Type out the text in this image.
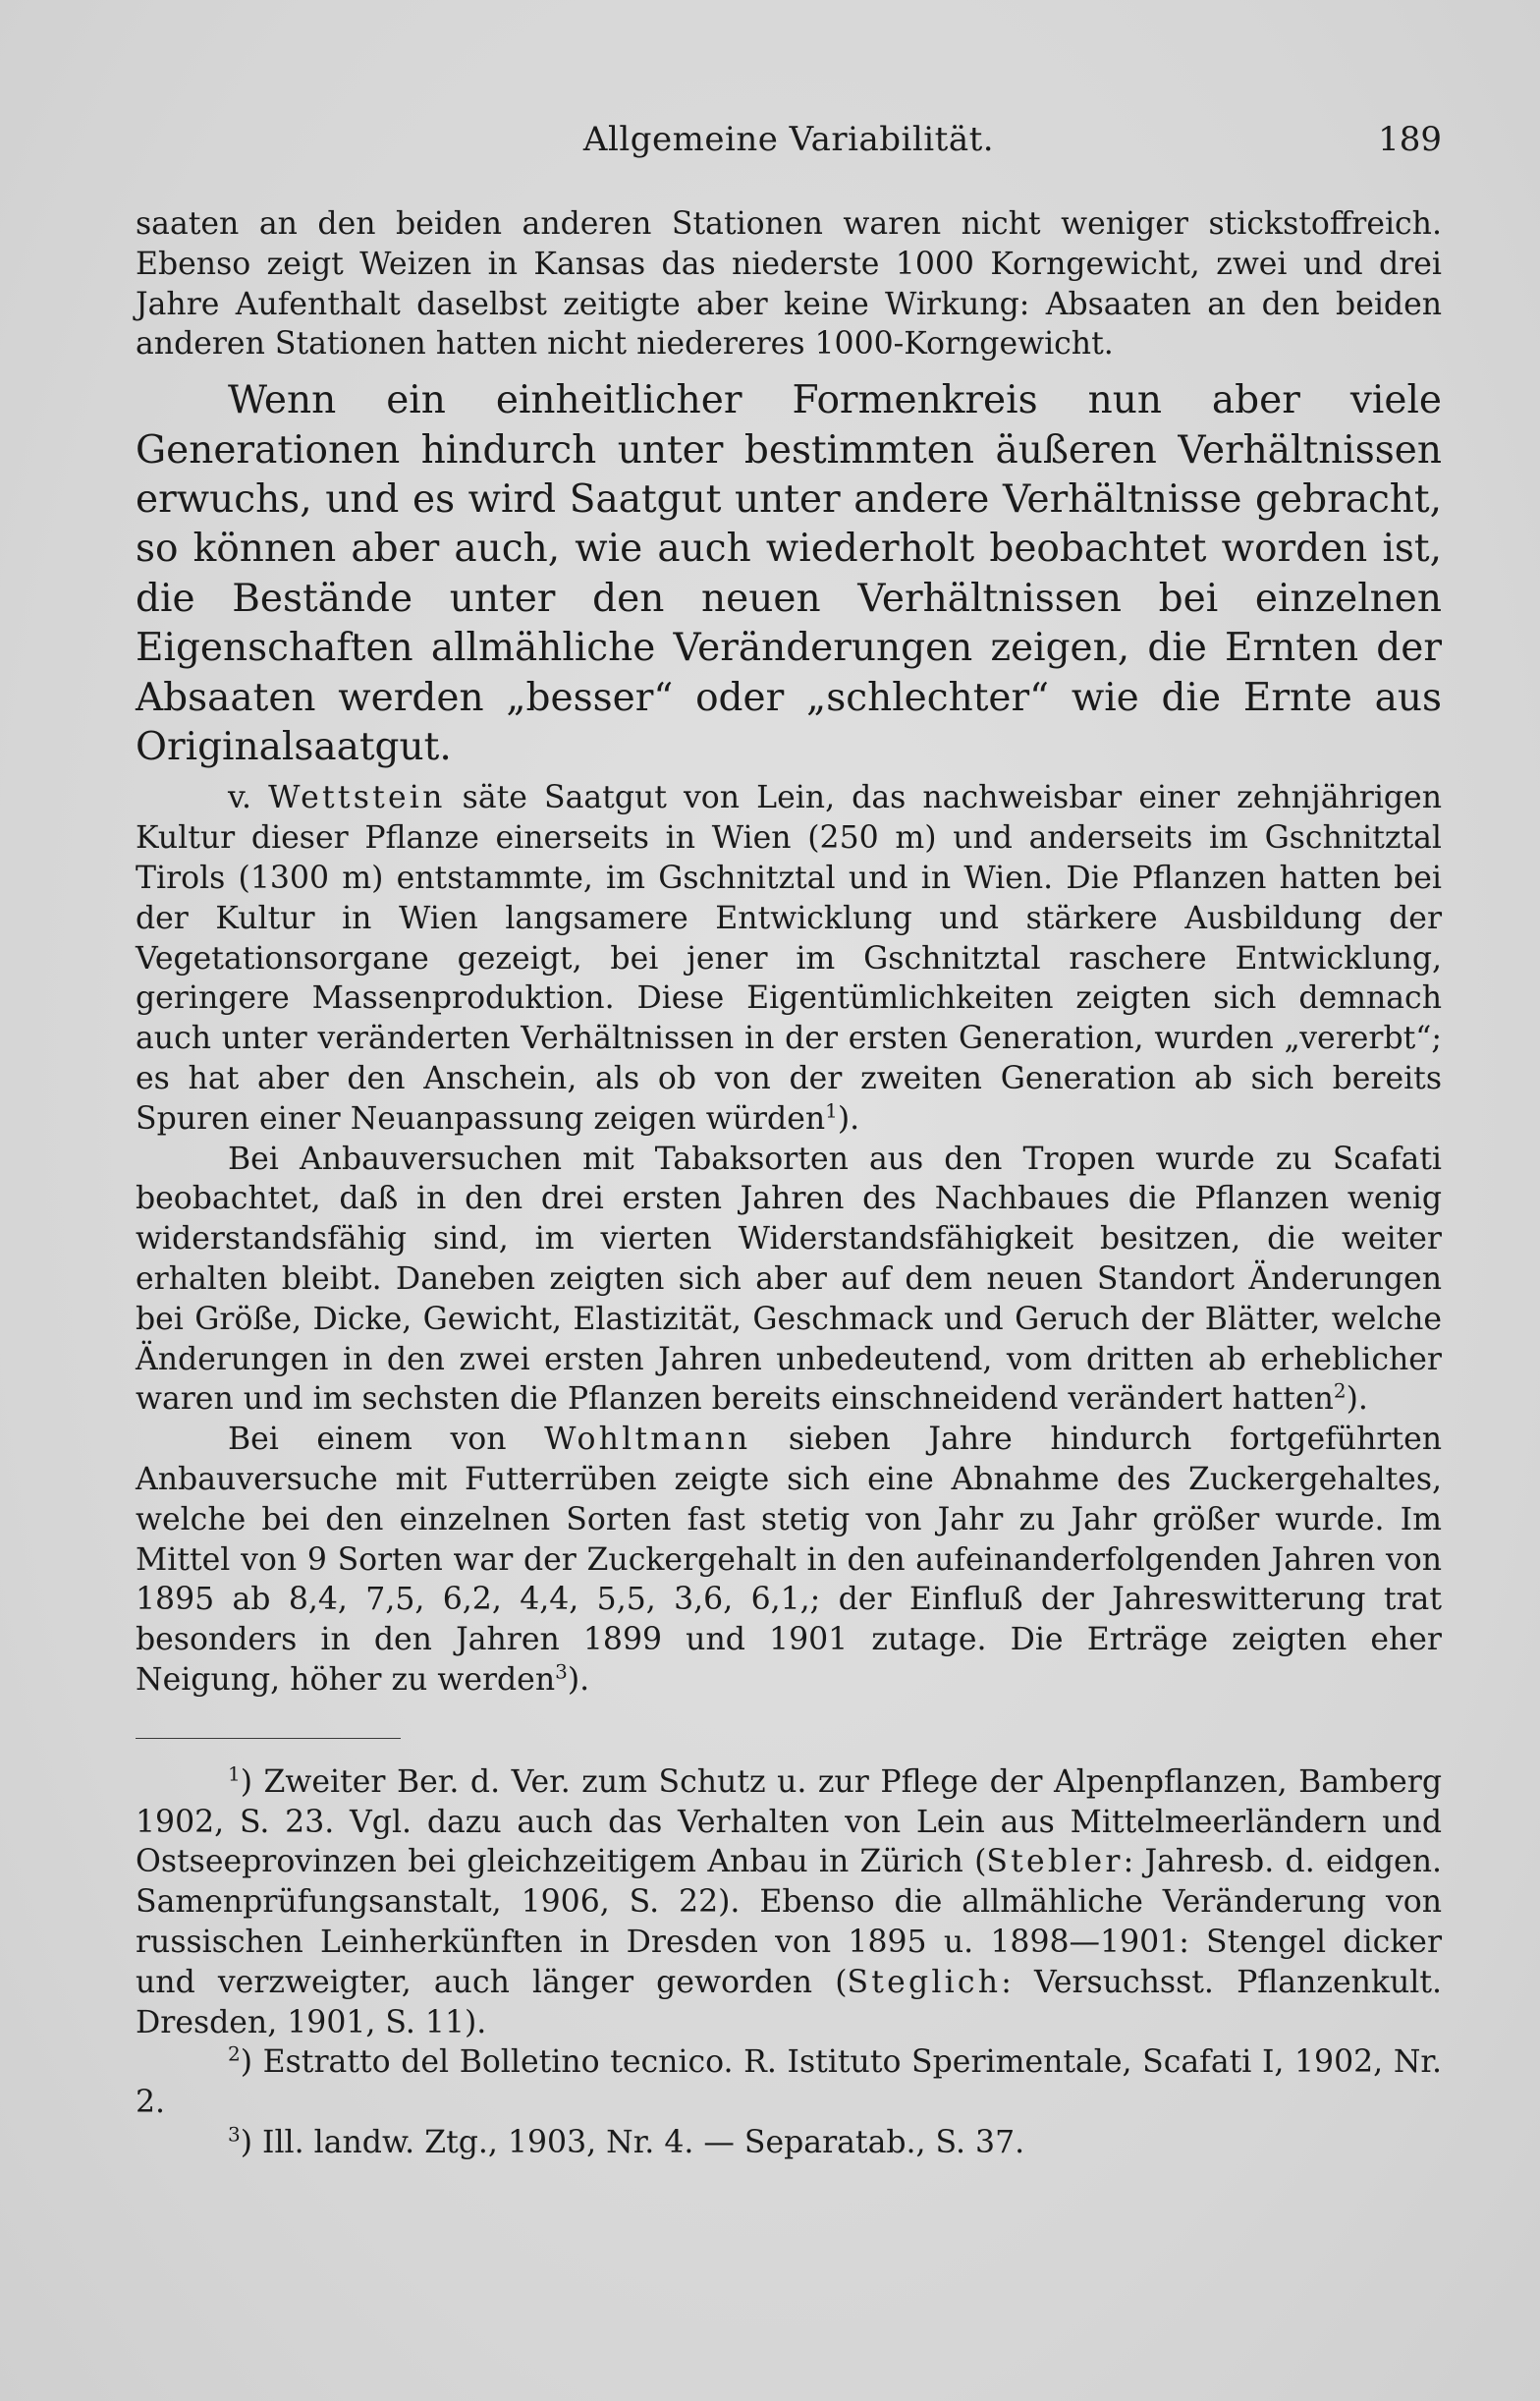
Allgemeine Variabilität.	189

saaten an den beiden anderen Stationen waren nicht weniger stickstoffreich. Ebenso zeigt Weizen in Kansas das niederste 1000 Korngewicht, zwei und drei Jahre Aufenthalt daselbst zeitigte aber keine Wirkung: Absaaten an den beiden anderen Stationen hatten nicht niedereres 1000-Korngewicht.

Wenn ein einheitlicher Formenkreis nun aber viele Generationen hindurch unter bestimmten äußeren Verhältnissen erwuchs, und es wird Saatgut unter andere Verhältnisse gebracht, so können aber auch, wie auch wiederholt beobachtet worden ist, die Bestände unter den neuen Verhältnissen bei einzelnen Eigenschaften allmähliche Veränderungen zeigen, die Ernten der Absaaten werden „besser“ oder „schlechter“ wie die Ernte aus Originalsaatgut.

v. Wettstein säte Saatgut von Lein, das nachweisbar einer zehnjährigen Kultur dieser Pflanze einerseits in Wien (250 m) und anderseits im Gschnitztal Tirols (1300 m) entstammte, im Gschnitztal und in Wien. Die Pflanzen hatten bei der Kultur in Wien langsamere Entwicklung und stärkere Ausbildung der Vegetationsorgane gezeigt, bei jener im Gschnitztal raschere Entwicklung, geringere Massenproduktion. Diese Eigentümlichkeiten zeigten sich demnach auch unter veränderten Verhältnissen in der ersten Generation, wurden „vererbt“; es hat aber den Anschein, als ob von der zweiten Generation ab sich bereits Spuren einer Neuanpassung zeigen würden$^1$).

Bei Anbauversuchen mit Tabaksorten aus den Tropen wurde zu Scafati beobachtet, daß in den drei ersten Jahren des Nachbaues die Pflanzen wenig widerstandsfähig sind, im vierten Widerstandsfähigkeit besitzen, die weiter erhalten bleibt. Daneben zeigten sich aber auf dem neuen Standort Änderungen bei Größe, Dicke, Gewicht, Elastizität, Geschmack und Geruch der Blätter, welche Änderungen in den zwei ersten Jahren unbedeutend, vom dritten ab erheblicher waren und im sechsten die Pflanzen bereits einschneidend verändert hatten$^2$).

Bei einem von Wohltmann sieben Jahre hindurch fortgeführten Anbauversuche mit Futterrüben zeigte sich eine Abnahme des Zuckergehaltes, welche bei den einzelnen Sorten fast stetig von Jahr zu Jahr größer wurde. Im Mittel von 9 Sorten war der Zuckergehalt in den aufeinanderfolgenden Jahren von 1895 ab 8,4, 7,5, 6,2, 4,4, 5,5, 3,6, 6,1,; der Einfluß der Jahreswitterung trat besonders in den Jahren 1899 und 1901 zutage. Die Erträge zeigten eher Neigung, höher zu werden$^3$).

$^1$) Zweiter Ber. d. Ver. zum Schutz u. zur Pflege der Alpenpflanzen, Bamberg 1902, S. 23. Vgl. dazu auch das Verhalten von Lein aus Mittelmeerländern und Ostseeprovinzen bei gleichzeitigem Anbau in Zürich (Stebler: Jahresb. d. eidgen. Samenprüfungsanstalt, 1906, S. 22). Ebenso die allmähliche Veränderung von russischen Leinherkünften in Dresden von 1895 u. 1898—1901: Stengel dicker und verzweigter, auch länger geworden (Steglich: Versuchsst. Pflanzenkult. Dresden, 1901, S. 11).

$^2$) Estratto del Bolletino tecnico. R. Istituto Sperimentale, Scafati I, 1902, Nr. 2.

$^3$) Ill. landw. Ztg., 1903, Nr. 4. — Separatab., S. 37.
